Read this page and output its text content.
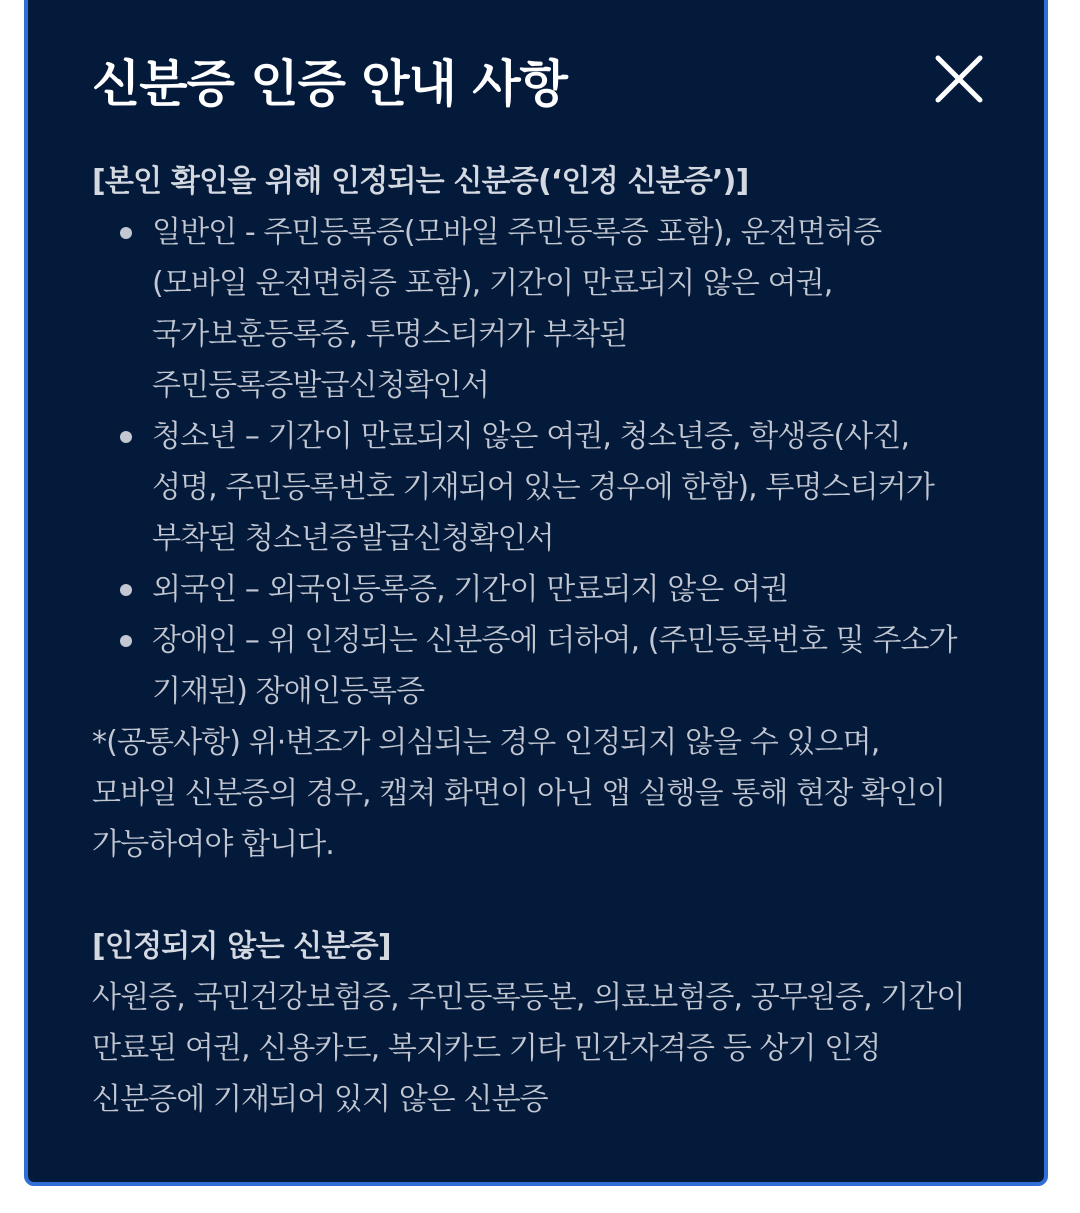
신분증 인증 안내 사항
[본인 확인을 위해 인정되는 신분증(‘인정 신분증’)]
일반인 - 주민등록증(모바일 주민등록증 포함), 운전면허증
(모바일 운전면허증 포함), 기간이 만료되지 않은 여권,
국가보훈등록증, 투명스티커가 부착된
주민등록증발급신청확인서
청소년 – 기간이 만료되지 않은 여권, 청소년증, 학생증(사진,
성명, 주민등록번호 기재되어 있는 경우에 한함), 투명스티커가
부착된 청소년증발급신청확인서
외국인 – 외국인등록증, 기간이 만료되지 않은 여권
장애인 – 위 인정되는 신분증에 더하여, (주민등록번호 및 주소가
기재된) 장애인등록증
*(공통사항) 위·변조가 의심되는 경우 인정되지 않을 수 있으며,
모바일 신분증의 경우, 캡쳐 화면이 아닌 앱 실행을 통해 현장 확인이
가능하여야 합니다.
[인정되지 않는 신분증]
사원증, 국민건강보험증, 주민등록등본, 의료보험증, 공무원증, 기간이
만료된 여권, 신용카드, 복지카드 기타 민간자격증 등 상기 인정
신분증에 기재되어 있지 않은 신분증
